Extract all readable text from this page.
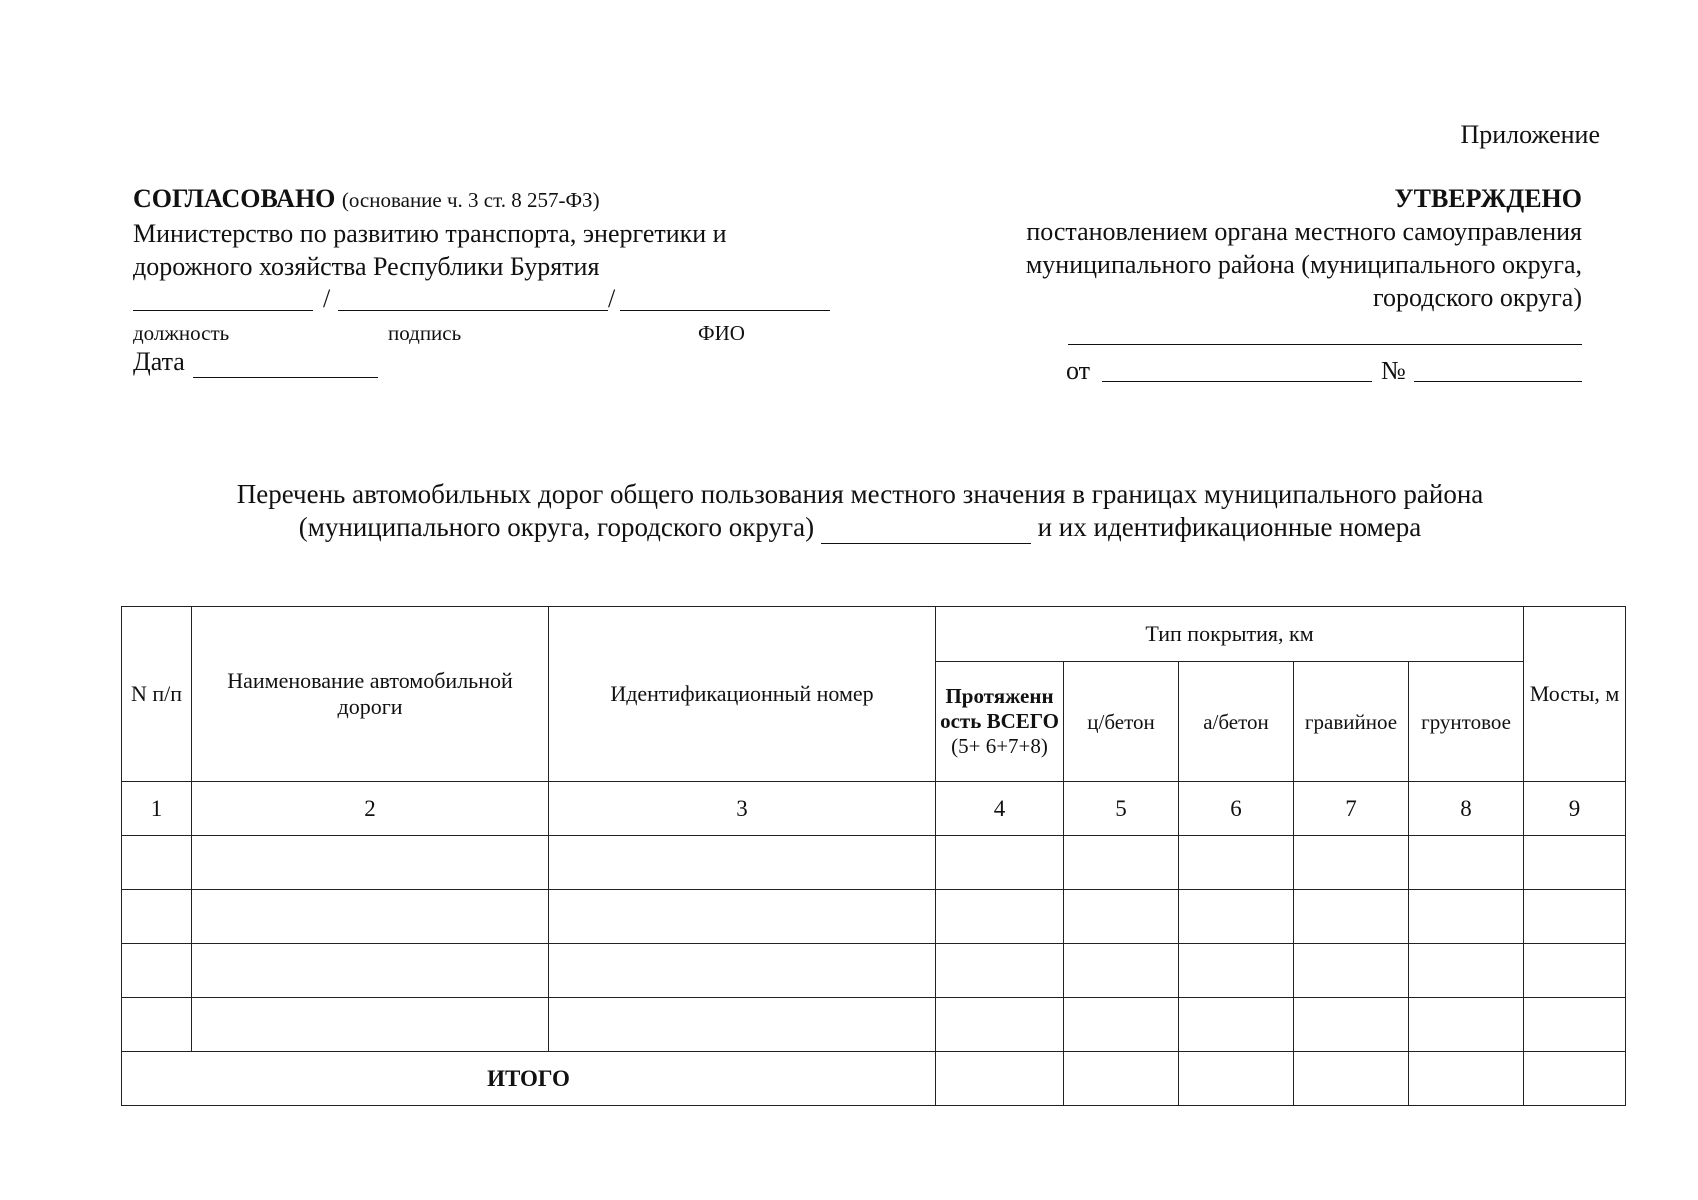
Приложение
СОГЛАСОВАНО (основание ч. 3 ст. 8 257-ФЗ)
Министерство по развитию транспорта, энергетики и
дорожного хозяйства Республики Бурятия
/	/
должность	подпись	ФИО
Дата
УТВЕРЖДЕНО
постановлением органа местного самоуправления
муниципального района (муниципального округа,
городского округа)
от	№
Перечень автомобильных дорог общего пользования местного значения в границах муниципального района
(муниципального округа, городского округа)	и их идентификационные номера
N п/п	Наименование автомобильной дороги	Идентификационный номер	Тип покрытия, км					Мосты, м
			Протяженн ость ВСЕГО
(5+ 6+7+8)	ц/бетон	а/бетон	гравийное	грунтовое	
1	2	3	4	5	6	7	8	9

ИТОГО								
